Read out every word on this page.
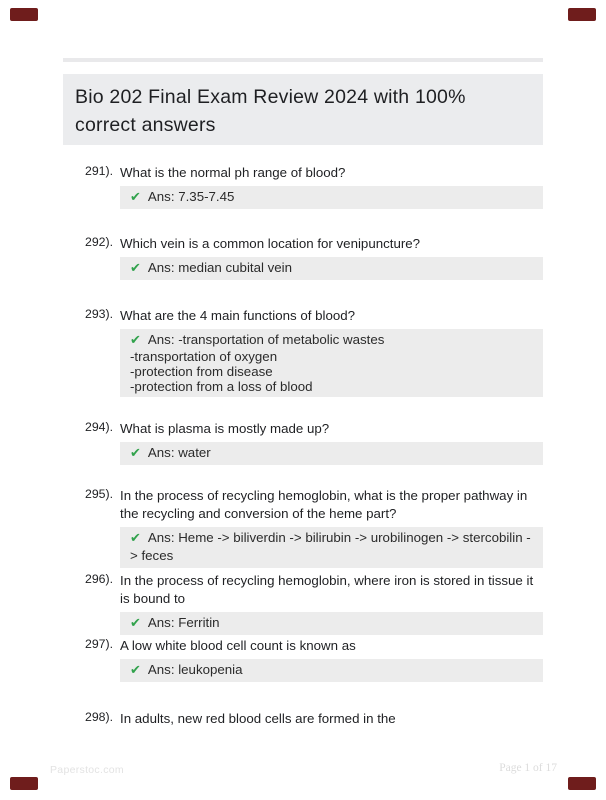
Bio 202 Final Exam Review 2024 with 100% correct answers
291). What is the normal ph range of blood?
✔ Ans: 7.35-7.45
292). Which vein is a common location for venipuncture?
✔ Ans: median cubital vein
293). What are the 4 main functions of blood?
✔ Ans: -transportation of metabolic wastes
-transportation of oxygen
-protection from disease
-protection from a loss of blood
294). What is plasma is mostly made up?
✔ Ans: water
295). In the process of recycling hemoglobin, what is the proper pathway in the recycling and conversion of the heme part?
✔ Ans: Heme -> biliverdin -> bilirubin -> urobilinogen -> stercobilin -> feces
296). In the process of recycling hemoglobin, where iron is stored in tissue it is bound to
✔ Ans: Ferritin
297). A low white blood cell count is known as
✔ Ans: leukopenia
298). In adults, new red blood cells are formed in the
Paperstoc.com	Page 1 of 17
